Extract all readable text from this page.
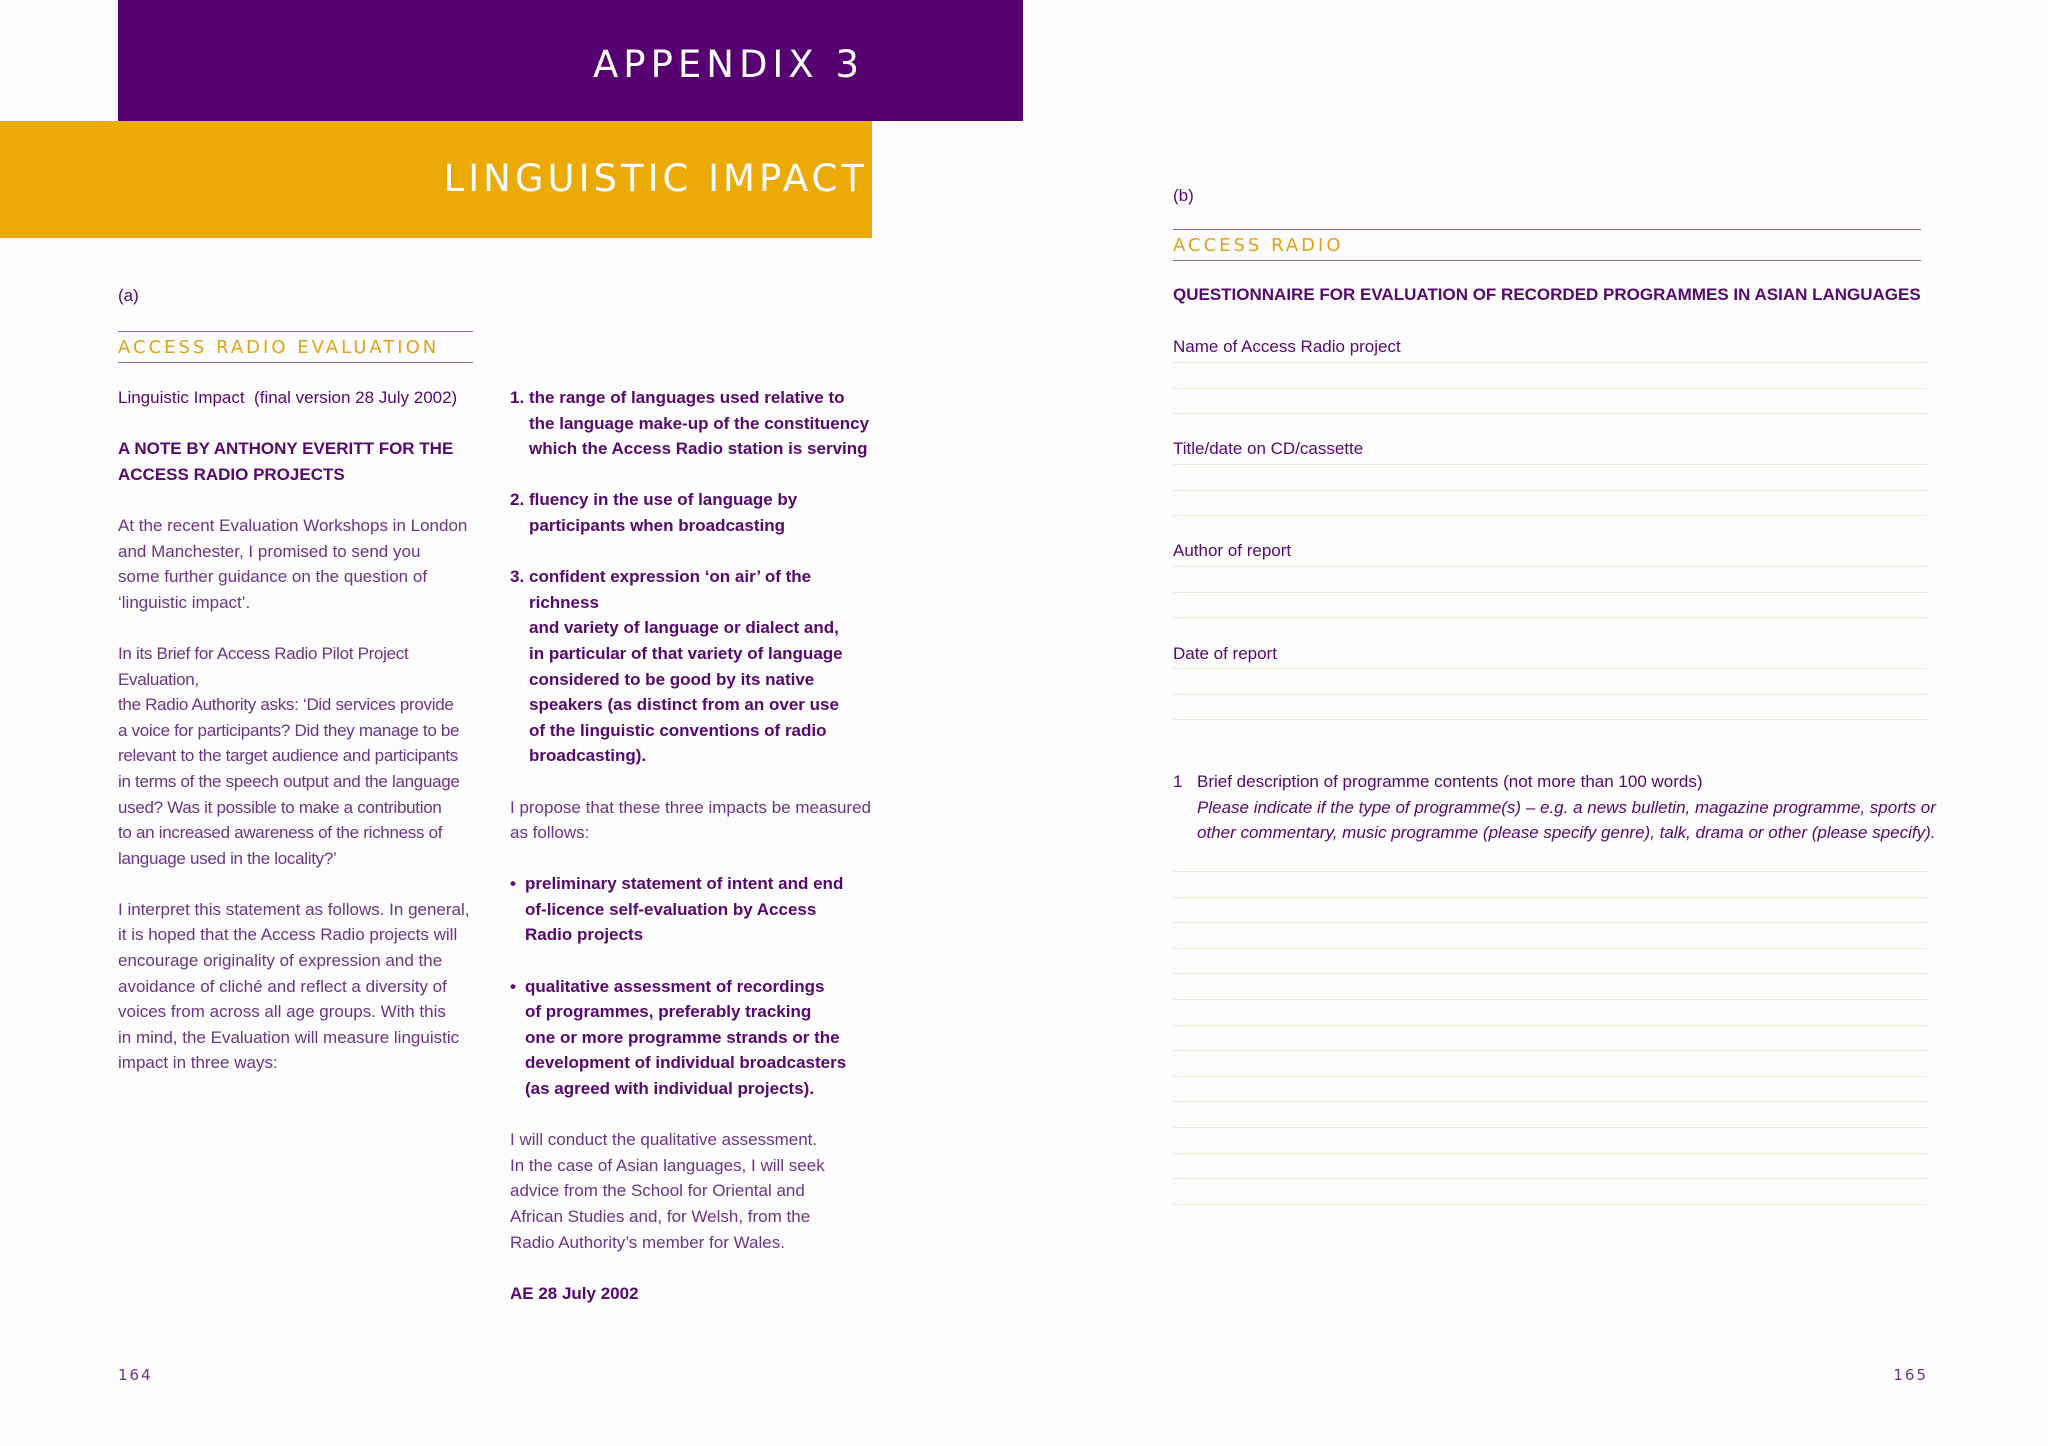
APPENDIX 3
LINGUISTIC IMPACT
(a)
ACCESS RADIO EVALUATION

Linguistic Impact  (final version 28 July 2002)

A NOTE BY ANTHONY EVERITT FOR THE

ACCESS RADIO PROJECTS

At the recent Evaluation Workshops in London

and Manchester, I promised to send you

some further guidance on the question of

‘linguistic impact’.

In its Brief for Access Radio Pilot Project Evaluation,

the Radio Authority asks: ‘Did services provide

a voice for participants? Did they manage to be

relevant to the target audience and participants

in terms of the speech output and the language

used? Was it possible to make a contribution

to an increased awareness of the richness of

language used in the locality?’

I interpret this statement as follows. In general,

it is hoped that the Access Radio projects will

encourage originality of expression and the

avoidance of cliché and reflect a diversity of

voices from across all age groups. With this

in mind, the Evaluation will measure linguistic

impact in three ways:

1. the range of languages used relative to

the language make-up of the constituency

which the Access Radio station is serving

2. fluency in the use of language by

participants when broadcasting

3. confident expression ‘on air’ of the richness

and variety of language or dialect and,

in particular of that variety of language

considered to be good by its native

speakers (as distinct from an over use

of the linguistic conventions of radio

broadcasting).

I propose that these three impacts be measured

as follows:

• preliminary statement of intent and end

of-licence self-evaluation by Access

Radio projects

• qualitative assessment of recordings

of programmes, preferably tracking

one or more programme strands or the

development of individual broadcasters

(as agreed with individual projects).

I will conduct the qualitative assessment.

In the case of Asian languages, I will seek

advice from the School for Oriental and

African Studies and, for Welsh, from the

Radio Authority’s member for Wales.

AE 28 July 2002

164
(b)
ACCESS RADIO
QUESTIONNAIRE FOR EVALUATION OF RECORDED PROGRAMMES IN ASIAN LANGUAGES
Name of Access Radio project
Title/date on CD/cassette
Author of report
Date of report
1 Brief description of programme contents (not more than 100 words)

Please indicate if the type of programme(s) – e.g. a news bulletin, magazine programme, sports or

other commentary, music programme (please specify genre), talk, drama or other (please specify).

165
